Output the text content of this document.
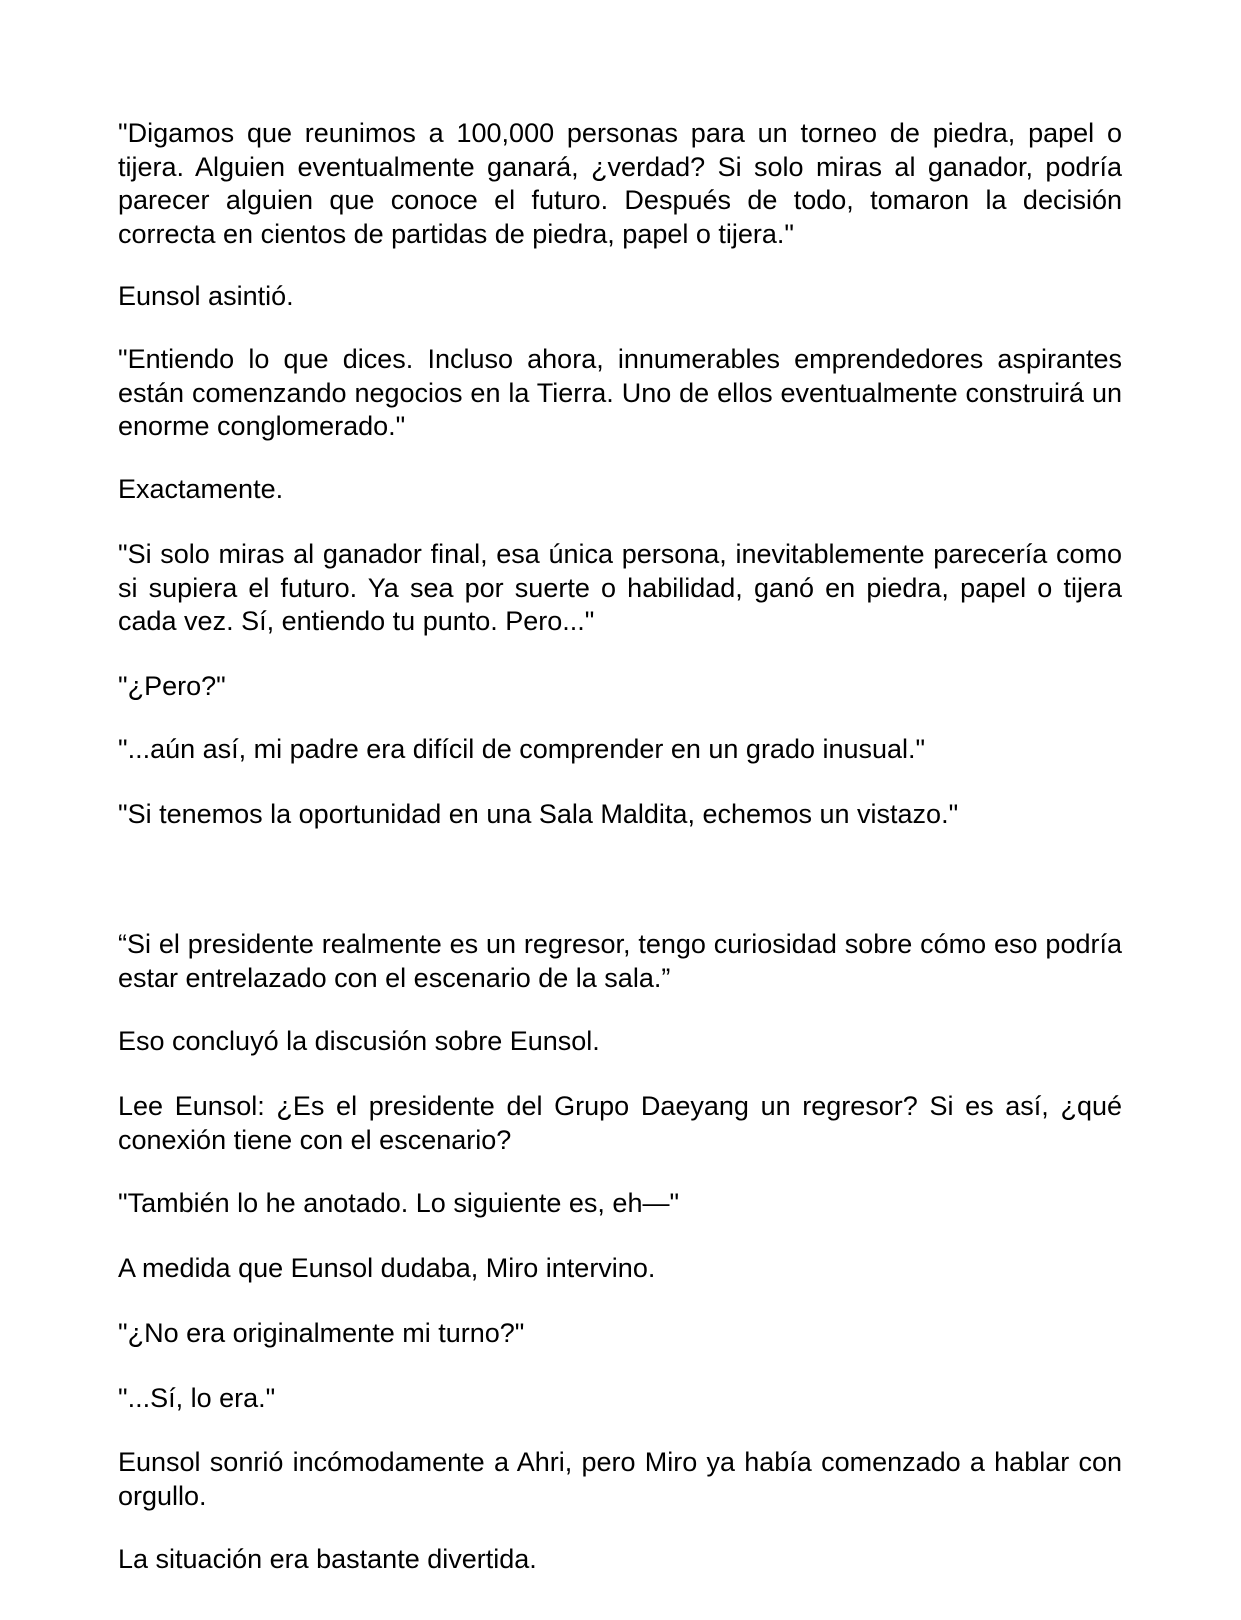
"Digamos que reunimos a 100,000 personas para un torneo de piedra, papel o tijera. Alguien eventualmente ganará, ¿verdad? Si solo miras al ganador, podría parecer alguien que conoce el futuro. Después de todo, tomaron la decisión correcta en cientos de partidas de piedra, papel o tijera."

Eunsol asintió.

"Entiendo lo que dices. Incluso ahora, innumerables emprendedores aspirantes están comenzando negocios en la Tierra. Uno de ellos eventualmente construirá un enorme conglomerado."

Exactamente.

"Si solo miras al ganador final, esa única persona, inevitablemente parecería como si supiera el futuro. Ya sea por suerte o habilidad, ganó en piedra, papel o tijera cada vez. Sí, entiendo tu punto. Pero..."

"¿Pero?"

"...aún así, mi padre era difícil de comprender en un grado inusual."

"Si tenemos la oportunidad en una Sala Maldita, echemos un vistazo."

“Si el presidente realmente es un regresor, tengo curiosidad sobre cómo eso podría estar entrelazado con el escenario de la sala.”

Eso concluyó la discusión sobre Eunsol.

Lee Eunsol: ¿Es el presidente del Grupo Daeyang un regresor? Si es así, ¿qué conexión tiene con el escenario?

"También lo he anotado. Lo siguiente es, eh—"

A medida que Eunsol dudaba, Miro intervino.

"¿No era originalmente mi turno?"

"...Sí, lo era."

Eunsol sonrió incómodamente a Ahri, pero Miro ya había comenzado a hablar con orgullo.

La situación era bastante divertida.
